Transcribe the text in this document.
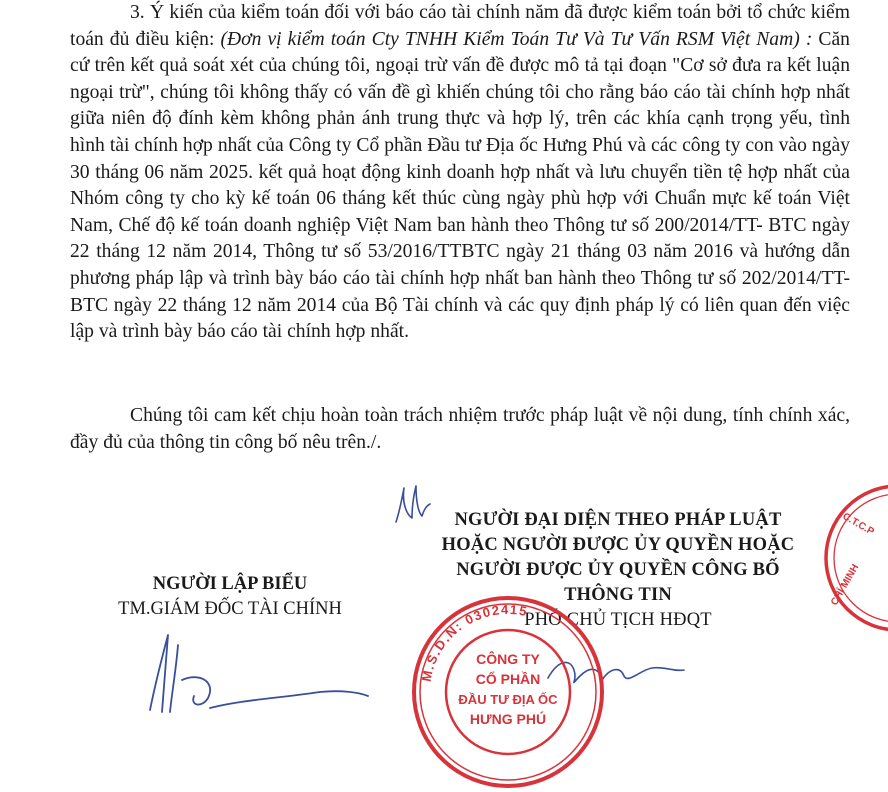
3. Ý kiến của kiểm toán đối với báo cáo tài chính năm đã được kiểm toán bởi tổ chức kiểm toán đủ điều kiện: (Đơn vị kiểm toán Cty TNHH Kiểm Toán Tư Và Tư Vấn RSM Việt Nam) : Căn cứ trên kết quả soát xét của chúng tôi, ngoại trừ vấn đề được mô tả tại đoạn "Cơ sở đưa ra kết luận ngoại trừ", chúng tôi không thấy có vấn đề gì khiến chúng tôi cho rằng báo cáo tài chính hợp nhất giữa niên độ đính kèm không phản ánh trung thực và hợp lý, trên các khía cạnh trọng yếu, tình hình tài chính hợp nhất của Công ty Cổ phần Đầu tư Địa ốc Hưng Phú và các công ty con vào ngày 30 tháng 06 năm 2025. kết quả hoạt động kinh doanh hợp nhất và lưu chuyển tiền tệ hợp nhất của Nhóm công ty cho kỳ kế toán 06 tháng kết thúc cùng ngày phù hợp với Chuẩn mực kế toán Việt Nam, Chế độ kế toán doanh nghiệp Việt Nam ban hành theo Thông tư số 200/2014/TT- BTC ngày 22 tháng 12 năm 2014, Thông tư số 53/2016/TTBTC ngày 21 tháng 03 năm 2016 và hướng dẫn phương pháp lập và trình bày báo cáo tài chính hợp nhất ban hành theo Thông tư số 202/2014/TT- BTC ngày 22 tháng 12 năm 2014 của Bộ Tài chính và các quy định pháp lý có liên quan đến việc lập và trình bày báo cáo tài chính hợp nhất.
Chúng tôi cam kết chịu hoàn toàn trách nhiệm trước pháp luật về nội dung, tính chính xác, đầy đủ của thông tin công bố nêu trên./.
NGƯỜI ĐẠI DIỆN THEO PHÁP LUẬT
HOẶC NGƯỜI ĐƯỢC ỦY QUYỀN HOẶC
NGƯỜI ĐƯỢC ỦY QUYỀN CÔNG BỐ
THÔNG TIN
PHÓ CHỦ TỊCH HĐQT
NGƯỜI LẬP BIỂU
TM.GIÁM ĐỐC TÀI CHÍNH
M.S.D.N: 0302415
CÔNG TY
CỔ PHẦN
ĐẦU TƯ ĐỊA ỐC
HƯNG PHÚ
C.T.C.P
CHÍ MINH
